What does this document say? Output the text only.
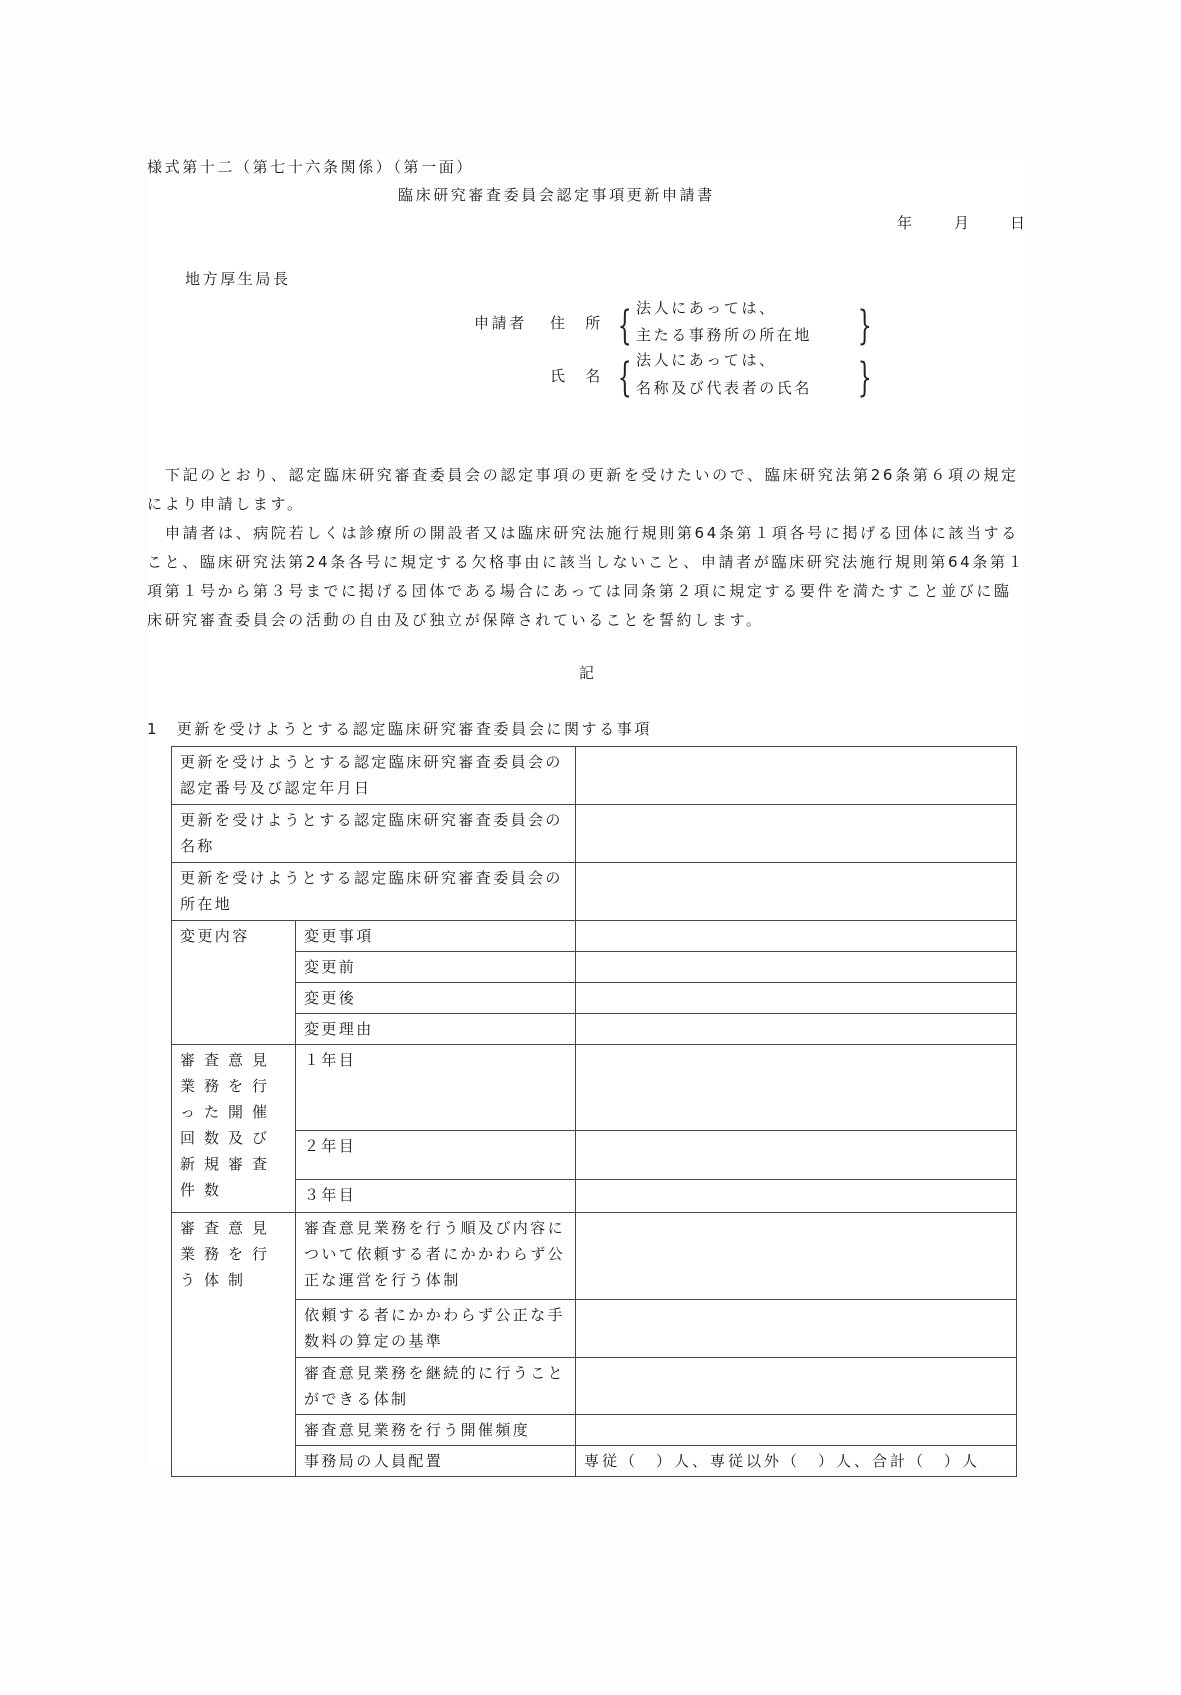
様式第十二（第七十六条関係）（第一面）
臨床研究審査委員会認定事項更新申請書
年	月	日
地方厚生局長
申請者 住　所 { 法人にあっては、
主たる事務所の所在地 }
氏　名 { 法人にあっては、
名称及び代表者の氏名 }
下記のとおり、認定臨床研究審査委員会の認定事項の更新を受けたいので、臨床研究法第26条第６項の規定により申請します。
申請者は、病院若しくは診療所の開設者又は臨床研究法施行規則第64条第１項各号に掲げる団体に該当すること、臨床研究法第24条各号に規定する欠格事由に該当しないこと、申請者が臨床研究法施行規則第64条第１項第１号から第３号までに掲げる団体である場合にあっては同条第２項に規定する要件を満たすこと並びに臨床研究審査委員会の活動の自由及び独立が保障されていることを誓約します。
記
1　更新を受けようとする認定臨床研究審査委員会に関する事項
更新を受けようとする認定臨床研究審査委員会の認定番号及び認定年月日		
更新を受けようとする認定臨床研究審査委員会の名称		
更新を受けようとする認定臨床研究審査委員会の所在地		
変更内容	変更事項	
	変更前	
	変更後	
	変更理由	
審査意見業務を行った開催回数及び新規審査件数	１年目	
	２年目	
	３年目	
審査意見業務を行う体制	審査意見業務を行う順及び内容について依頼する者にかかわらず公正な運営を行う体制	
	依頼する者にかかわらず公正な手数料の算定の基準	
	審査意見業務を継続的に行うことができる体制	
	審査意見業務を行う開催頻度	
	事務局の人員配置	専従（　）人、専従以外（　）人、合計（　）人
